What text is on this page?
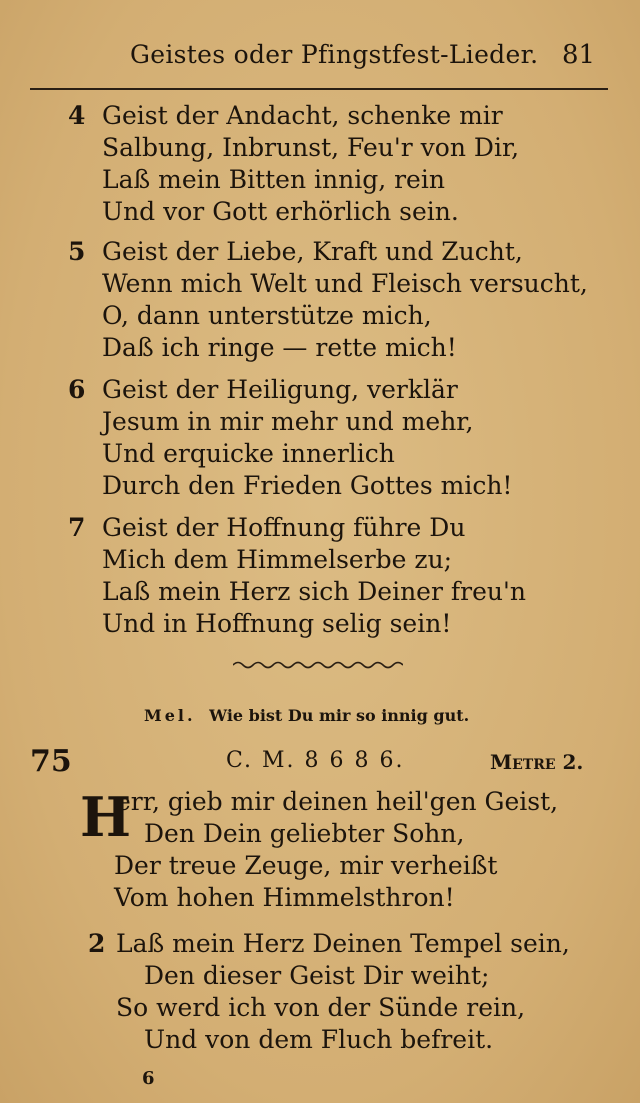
Geistes oder Pfingstfest-Lieder. 81
4 Geist der Andacht, schenke mir
Salbung, Inbrunst, Feu'r von Dir,
Laß mein Bitten innig, rein
Und vor Gott erhörlich sein.
5 Geist der Liebe, Kraft und Zucht,
Wenn mich Welt und Fleisch versucht,
O, dann unterstütze mich,
Daß ich ringe — rette mich!
6 Geist der Heiligung, verklär
Jesum in mir mehr und mehr,
Und erquicke innerlich
Durch den Frieden Gottes mich!
7 Geist der Hoffnung führe Du
Mich dem Himmelserbe zu;
Laß mein Herz sich Deiner freu'n
Und in Hoffnung selig sein!
Mel. Wie bist Du mir so innig gut.
75	C. M. 8 6 8 6.	Metre 2.
H
err, gieb mir deinen heil'gen Geist,
Den Dein geliebter Sohn,
Der treue Zeuge, mir verheißt
Vom hohen Himmelsthron!
2 Laß mein Herz Deinen Tempel sein,
Den dieser Geist Dir weiht;
So werd ich von der Sünde rein,
Und von dem Fluch befreit.
6
